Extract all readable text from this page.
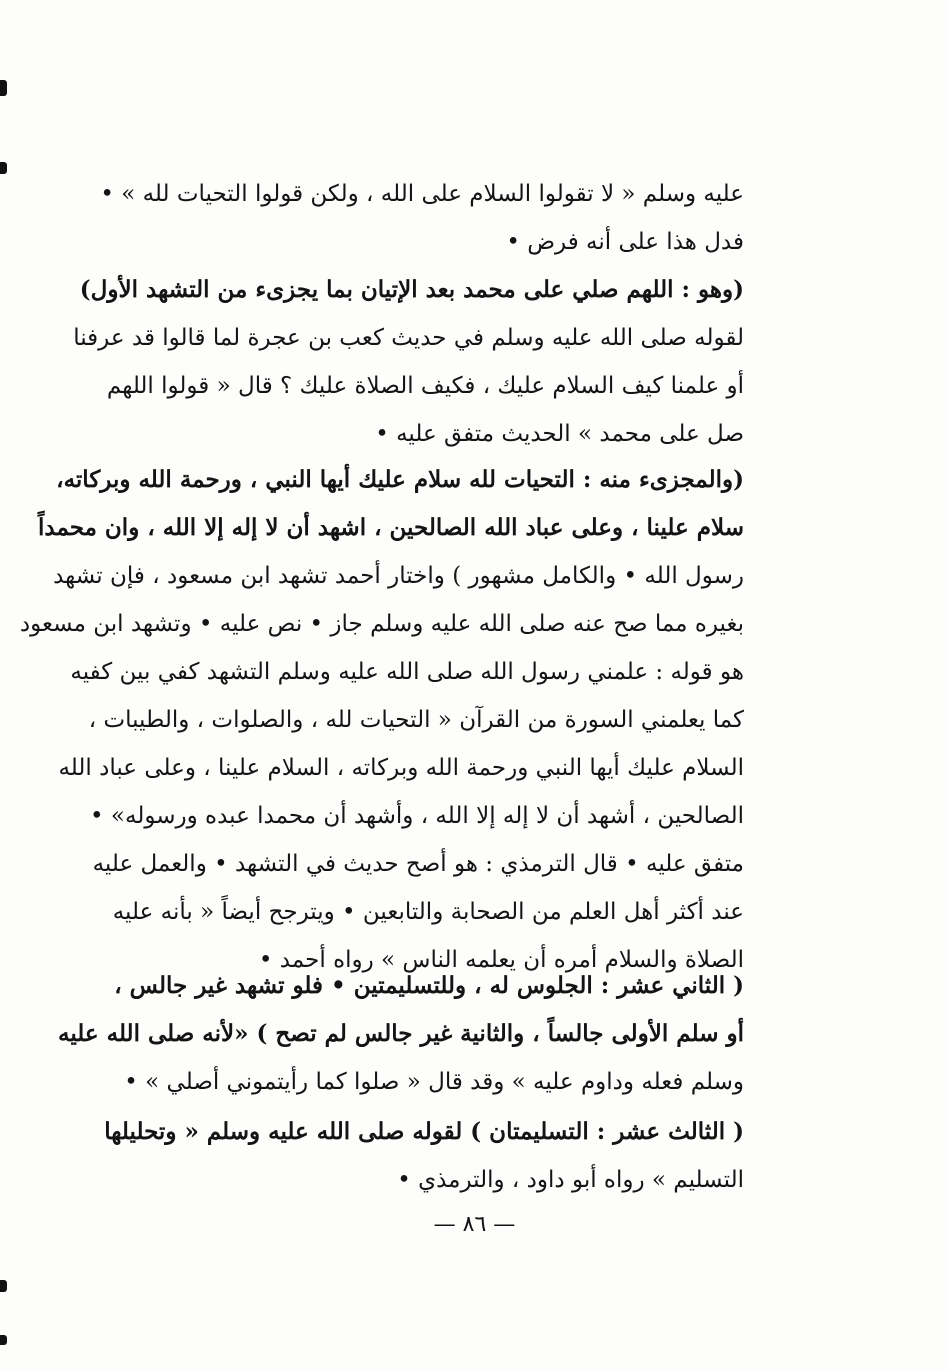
عليه وسلم « لا تقولوا السلام على الله ، ولكن قولوا التحيات لله » •
فدل هذا على أنه فرض •
(وهو : اللهم صلي على محمد بعد الإتيان بما يجزىء من التشهد الأول)
لقوله صلى الله عليه وسلم في حديث كعب بن عجرة لما قالوا قد عرفنا
أو علمنا كيف السلام عليك ، فكيف الصلاة عليك ؟ قال « قولوا اللهم
صل على محمد » الحديث متفق عليه •
(والمجزىء منه : التحيات لله سلام عليك أيها النبي ، ورحمة الله وبركاته،
سلام علينا ، وعلى عباد الله الصالحين ، اشهد أن لا إله إلا الله ، وان محمداً
رسول الله • والكامل مشهور ) واختار أحمد تشهد ابن مسعود ، فإن تشهد
بغيره مما صح عنه صلى الله عليه وسلم جاز • نص عليه • وتشهد ابن مسعود
هو قوله : علمني رسول الله صلى الله عليه وسلم التشهد كفي بين كفيه
كما يعلمني السورة من القرآن « التحيات لله ، والصلوات ، والطيبات ،
السلام عليك أيها النبي ورحمة الله وبركاته ، السلام علينا ، وعلى عباد الله
الصالحين ، أشهد أن لا إله إلا الله ، وأشهد أن محمدا عبده ورسوله» •
متفق عليه • قال الترمذي : هو أصح حديث في التشهد • والعمل عليه
عند أكثر أهل العلم من الصحابة والتابعين • ويترجح أيضاً « بأنه عليه
الصلاة والسلام أمره أن يعلمه الناس » رواه أحمد •
( الثاني عشر : الجلوس له ، وللتسليمتين • فلو تشهد غير جالس ،
أو سلم الأولى جالساً ، والثانية غير جالس لم تصح ) «لأنه صلى الله عليه
وسلم فعله وداوم عليه » وقد قال « صلوا كما رأيتموني أصلي » •
( الثالث عشر : التسليمتان ) لقوله صلى الله عليه وسلم « وتحليلها
التسليم » رواه أبو داود ، والترمذي •
— ٨٦ —
